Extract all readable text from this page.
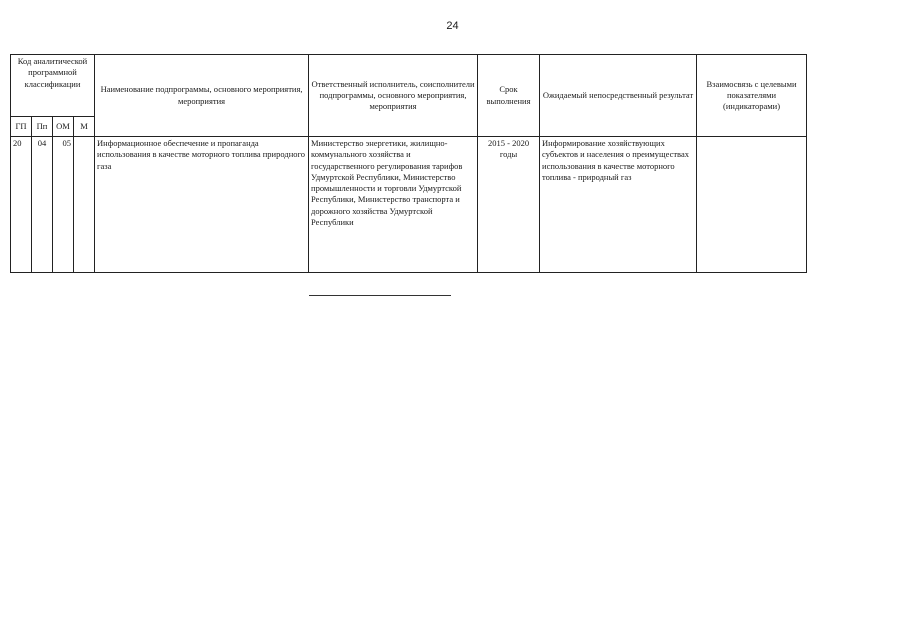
24
Код аналитической программной классификации				Наименование подпрограммы, основного мероприятия, мероприятия	Ответственный исполнитель, соисполнители подпрограммы, основного мероприятия, мероприятия	Срок выполнения	Ожидаемый непосредственный результат	Взаимосвязь с целевыми показателями (индикаторами)
ГП	Пп	ОМ	М					
20	04	05		Информационное обеспечение и пропаганда использования в качестве моторного топлива природного газа	Министерство энергетики, жилищно-коммунального хозяйства и государственного регулирования тарифов Удмуртской Республики, Министерство промышленности и торговли Удмуртской Республики, Министерство транспорта и дорожного хозяйства Удмуртской Республики	2015 - 2020 годы	Информирование хозяйствующих субъектов и населения о преимуществах использования в качестве моторного топлива - природный газ	
